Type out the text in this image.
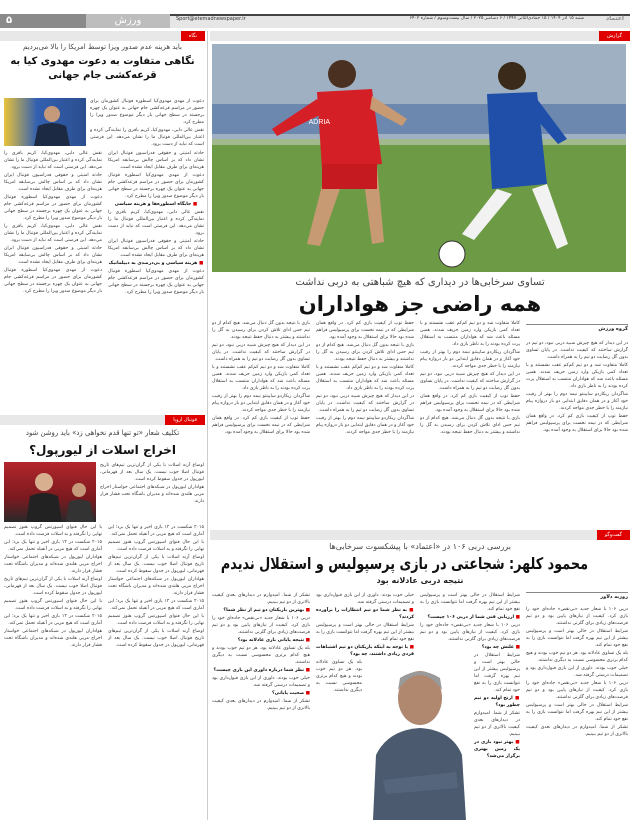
۵	ورزش	Sport@etemadnewspaper.ir	شنبه ۱۵ آذر ۱۴۰۴ / ۱۵ جمادی‌الثانی ۱۴۴۷ / ۶ دسامبر ۲۰۲۵ / سال بیست‌وسوم / شماره ۶۴۰۲	اعتماد
گزارش
ADRIA
تساوی سرخابی‌ها در دیداری که هیچ شباهتی به دربی نداشت
همه راضی جز هواداران

بازی با نتیجه بدون گل دنبال می‌شد. هیچ کدام از دو تیم حس ادای تلاش کردن برای رسیدن به گل را نداشتند و بیشتر به دنبال حفظ نتیجه بودند.

در این دیدار که هیچ چیزش شبیه دربی نبود، دو تیم در گزارش ساختند که کیفیت نداشت. در پایان تساوی بدون گل رضایت دو تیم را به همراه داشت.

کاملا متفاوت شد و دو تیم کم‌کم عقب نشستند و با تعداد کمی بازیکن وارد زمین حریف شدند. همین مسئله باعث شد که هواداران منتسب به استقلال پرت کرده بودند را به ناظر بازی داد.

شاگردان ریکاردو ساپینتو نیمه دوم را بهتر از رقیب خود آغاز و در همان دقایق ابتدایی دو بار دروازه پیام نیازمند را با خطر جدی مواجه کردند.

حفظ توپ از کیفیت بازی کم کرد. در واقع همان شرایطی که در نیمه نخست برای پرسپولیس فراهم شده بود حالا برای استقلال به وجود آمده بود.

حفظ توپ از کیفیت بازی کم کرد. در واقع همان شرایطی که در نیمه نخست برای پرسپولیس فراهم شده بود حالا برای استقلال به وجود آمده بود.

بازی با نتیجه بدون گل دنبال می‌شد. هیچ کدام از دو تیم حس ادای تلاش کردن برای رسیدن به گل را نداشتند و بیشتر به دنبال حفظ نتیجه بودند.

کاملا متفاوت شد و دو تیم کم‌کم عقب نشستند و با تعداد کمی بازیکن وارد زمین حریف شدند. همین مسئله باعث شد که هواداران منتسب به استقلال پرت کرده بودند را به ناظر بازی داد.

در این دیدار که هیچ چیزش شبیه دربی نبود، دو تیم در گزارش ساختند که کیفیت نداشت. در پایان تساوی بدون گل رضایت دو تیم را به همراه داشت.

شاگردان ریکاردو ساپینتو نیمه دوم را بهتر از رقیب خود آغاز و در همان دقایق ابتدایی دو بار دروازه پیام نیازمند را با خطر جدی مواجه کردند.

کاملا متفاوت شد و دو تیم کم‌کم عقب نشستند و با تعداد کمی بازیکن وارد زمین حریف شدند. همین مسئله باعث شد که هواداران منتسب به استقلال پرت کرده بودند را به ناظر بازی داد.

شاگردان ریکاردو ساپینتو نیمه دوم را بهتر از رقیب خود آغاز و در همان دقایق ابتدایی دو بار دروازه پیام نیازمند را با خطر جدی مواجه کردند.

در این دیدار که هیچ چیزش شبیه دربی نبود، دو تیم در گزارش ساختند که کیفیت نداشت. در پایان تساوی بدون گل رضایت دو تیم را به همراه داشت.

حفظ توپ از کیفیت بازی کم کرد. در واقع همان شرایطی که در نیمه نخست برای پرسپولیس فراهم شده بود حالا برای استقلال به وجود آمده بود.

بازی با نتیجه بدون گل دنبال می‌شد. هیچ کدام از دو تیم حس ادای تلاش کردن برای رسیدن به گل را نداشتند و بیشتر به دنبال حفظ نتیجه بودند.

گروه ورزش

در این دیدار که هیچ چیزش شبیه دربی نبود، دو تیم در گزارش ساختند که کیفیت نداشت. در پایان تساوی بدون گل رضایت دو تیم را به همراه داشت.

کاملا متفاوت شد و دو تیم کم‌کم عقب نشستند و با تعداد کمی بازیکن وارد زمین حریف شدند. همین مسئله باعث شد که هواداران منتسب به استقلال پرت کرده بودند را به ناظر بازی داد.

شاگردان ریکاردو ساپینتو نیمه دوم را بهتر از رقیب خود آغاز و در همان دقایق ابتدایی دو بار دروازه پیام نیازمند را با خطر جدی مواجه کردند.

حفظ توپ از کیفیت بازی کم کرد. در واقع همان شرایطی که در نیمه نخست برای پرسپولیس فراهم شده بود حالا برای استقلال به وجود آمده بود.

گفت‌وگو
بررسی دربی ۱۰۶ در «اعتماد» با پیشکسوت سرخابی‌ها
محمود کلهر: شجاعتی در بازی پرسپولیس و استقلال ندیدم
نتیجه دربی عادلانه بود
روزبه دلاور

دربی ۱۰۶ با شعار جدید «بی‌نقص» جاده‌ای خود را بازی کرد. کیفیت از نیازهای پایین بود و دو تیم فرصت‌های زیادی برای گلزنی نداشتند.

شرایط استقلال در حالی بهتر است و پرسپولیس بیشتر از این تیم بهره گرفت اما نتوانست بازی را به نفع خود تمام کند.

بله یک تساوی عادلانه بود. هر دو تیم خوب بودند و هیچ کدام برتری محسوسی نسبت به دیگری نداشتند.

خیلی خوب بودند. داوری از این بازی قبول‌داری بود و تصمیمات درستی گرفته شد.

دربی ۱۰۶ با شعار جدید «بی‌نقص» جاده‌ای خود را بازی کرد. کیفیت از نیازهای پایین بود و دو تیم فرصت‌های زیادی برای گلزنی نداشتند.

شرایط استقلال در حالی بهتر است و پرسپولیس بیشتر از این تیم بهره گرفت اما نتوانست بازی را به نفع خود تمام کند.

تشکر از شما. امیدوارم در دیدارهای بعدی کیفیت بالاتری از دو تیم ببینیم.

شرایط استقلال در حالی بهتر است و پرسپولیس بیشتر از این تیم بهره گرفت اما نتوانست بازی را به نفع خود تمام کند.

■ ارزیابی فنی شما از دربی ۱۰۶ چیست؟

دربی ۱۰۶ با شعار جدید «بی‌نقص» جاده‌ای خود را بازی کرد. کیفیت از نیازهای پایین بود و دو تیم فرصت‌های زیادی برای گلزنی نداشتند.

■ علتش چه بود؟

شرایط استقلال در حالی بهتر است و پرسپولیس بیشتر از این تیم بهره گرفت اما نتوانست بازی را به نفع خود تمام کند.

■ ارنج اولیه دو تیم چطور بود؟

تشکر از شما. امیدوارم در دیدارهای بعدی کیفیت بالاتری از دو تیم ببینیم.

■ بهتر نبود بازی در یک زمین بهتری برگزار می‌شد؟

خیلی خوب بودند. داوری از این بازی قبول‌داری بود و تصمیمات درستی گرفته شد.

■ به نظر شما دو تیم انتظارات را برآورده کردند؟

شرایط استقلال در حالی بهتر است و پرسپولیس بیشتر از این تیم بهره گرفت اما نتوانست بازی را به نفع خود تمام کند.

■ با توجه به اینکه بازیکنان دو تیم اشتباهات فردی زیادی داشتند، چه بود؟

بله یک تساوی عادلانه بود. هر دو تیم خوب بودند و هیچ کدام برتری محسوسی نسبت به دیگری نداشتند.

تشکر از شما. امیدوارم در دیدارهای بعدی کیفیت بالاتری از دو تیم ببینیم.

■ بهترین بازیکنان دو تیم از نظر شما؟

دربی ۱۰۶ با شعار جدید «بی‌نقص» جاده‌ای خود را بازی کرد. کیفیت از نیازهای پایین بود و دو تیم فرصت‌های زیادی برای گلزنی نداشتند.

■ نتیجه پایانی بازی عادلانه بود؟

بله یک تساوی عادلانه بود. هر دو تیم خوب بودند و هیچ کدام برتری محسوسی نسبت به دیگری نداشتند.

■ نظر شما درباره داوری این بازی چیست؟

خیلی خوب بودند. داوری از این بازی قبول‌داری بود و تصمیمات درستی گرفته شد.

■ صحبت پایانی؟

تشکر از شما. امیدوارم در دیدارهای بعدی کیفیت بالاتری از دو تیم ببینیم.

نگاه
باید هزینه عدم صدور ویزا توسط امریکا را بالا می‌بردیم
نگاهی متفاوت به دعوت مهدوی کیا به قرعه‌کشی جام جهانی

دعوت از مهدی مهدوی‌کیا اسطوره فوتبال کشورمان برای حضور در مراسم قرعه‌کشی جام جهانی به عنوان یک چهره برجسته در سطح جهانی بار دیگر موضوع صدور ویزا را مطرح کرد.

نقش عالی دایی، مهدوی‌کیا، کریم باقری را نمایندگی کرده و اعتبار بین‌المللی فوتبال ما را نشان می‌دهد. این فرصتی است که نباید از دست برود.

حادثه امنیتی و حقوقی فدراسیون فوتبال ایران نشان داد که بر اساس چالش بی‌سابقه امریکا هزینه‌ای برای طرف مقابل ایجاد نشده است.

دعوت از مهدی مهدوی‌کیا اسطوره فوتبال کشورمان برای حضور در مراسم قرعه‌کشی جام جهانی به عنوان یک چهره برجسته در سطح جهانی بار دیگر موضوع صدور ویزا را مطرح کرد.

■ جایگاه اسطوره‌ها و هزینه سیاسی

نقش عالی دایی، مهدوی‌کیا، کریم باقری را نمایندگی کرده و اعتبار بین‌المللی فوتبال ما را نشان می‌دهد. این فرصتی است که نباید از دست برود.

حادثه امنیتی و حقوقی فدراسیون فوتبال ایران نشان داد که بر اساس چالش بی‌سابقه امریکا هزینه‌ای برای طرف مقابل ایجاد نشده است.

■ هزینه سیاسی و بی‌درصدی به دیپلماتیک

دعوت از مهدی مهدوی‌کیا اسطوره فوتبال کشورمان برای حضور در مراسم قرعه‌کشی جام جهانی به عنوان یک چهره برجسته در سطح جهانی بار دیگر موضوع صدور ویزا را مطرح کرد.

نقش عالی دایی، مهدوی‌کیا، کریم باقری را نمایندگی کرده و اعتبار بین‌المللی فوتبال ما را نشان می‌دهد. این فرصتی است که نباید از دست برود.

حادثه امنیتی و حقوقی فدراسیون فوتبال ایران نشان داد که بر اساس چالش بی‌سابقه امریکا هزینه‌ای برای طرف مقابل ایجاد نشده است.

دعوت از مهدی مهدوی‌کیا اسطوره فوتبال کشورمان برای حضور در مراسم قرعه‌کشی جام جهانی به عنوان یک چهره برجسته در سطح جهانی بار دیگر موضوع صدور ویزا را مطرح کرد.

نقش عالی دایی، مهدوی‌کیا، کریم باقری را نمایندگی کرده و اعتبار بین‌المللی فوتبال ما را نشان می‌دهد. این فرصتی است که نباید از دست برود.

حادثه امنیتی و حقوقی فدراسیون فوتبال ایران نشان داد که بر اساس چالش بی‌سابقه امریکا هزینه‌ای برای طرف مقابل ایجاد نشده است.

دعوت از مهدی مهدوی‌کیا اسطوره فوتبال کشورمان برای حضور در مراسم قرعه‌کشی جام جهانی به عنوان یک چهره برجسته در سطح جهانی بار دیگر موضوع صدور ویزا را مطرح کرد.

فوتبال اروپا
تکلیف شعار «تو تنها قدم نخواهی زد» باید روشن شود
اخراج اسلات از لیورپول؟

اوضاع آرنه اسلات با یکی از گران‌ترین تیم‌های تاریخ فوتبال اصلا خوب نیست. یک سال بعد از قهرمانی، لیورپول در جدول سقوط کرده است.

هواداران لیورپول در شبکه‌های اجتماعی خواستار اخراج مربی هلندی شده‌اند و مدیران باشگاه تحت فشار قرار دارند.

۲۰۱۵ شکست در ۱۲ بازی اخیر و تنها یک برد؛ این آماری است که هیچ مربی در آنفیلد تحمل نمی‌کند.

با این حال فنواى اسپورتس گروپ هنوز تصمیم نهایی را نگرفته و به اسلات فرصت داده است.

اوضاع آرنه اسلات با یکی از گران‌ترین تیم‌های تاریخ فوتبال اصلا خوب نیست. یک سال بعد از قهرمانی، لیورپول در جدول سقوط کرده است.

هواداران لیورپول در شبکه‌های اجتماعی خواستار اخراج مربی هلندی شده‌اند و مدیران باشگاه تحت فشار قرار دارند.

۲۰۱۵ شکست در ۱۲ بازی اخیر و تنها یک برد؛ این آماری است که هیچ مربی در آنفیلد تحمل نمی‌کند.

با این حال فنواى اسپورتس گروپ هنوز تصمیم نهایی را نگرفته و به اسلات فرصت داده است.

اوضاع آرنه اسلات با یکی از گران‌ترین تیم‌های تاریخ فوتبال اصلا خوب نیست. یک سال بعد از قهرمانی، لیورپول در جدول سقوط کرده است.

با این حال فنواى اسپورتس گروپ هنوز تصمیم نهایی را نگرفته و به اسلات فرصت داده است.

۲۰۱۵ شکست در ۱۲ بازی اخیر و تنها یک برد؛ این آماری است که هیچ مربی در آنفیلد تحمل نمی‌کند.

هواداران لیورپول در شبکه‌های اجتماعی خواستار اخراج مربی هلندی شده‌اند و مدیران باشگاه تحت فشار قرار دارند.

اوضاع آرنه اسلات با یکی از گران‌ترین تیم‌های تاریخ فوتبال اصلا خوب نیست. یک سال بعد از قهرمانی، لیورپول در جدول سقوط کرده است.

با این حال فنواى اسپورتس گروپ هنوز تصمیم نهایی را نگرفته و به اسلات فرصت داده است.

۲۰۱۵ شکست در ۱۲ بازی اخیر و تنها یک برد؛ این آماری است که هیچ مربی در آنفیلد تحمل نمی‌کند.

هواداران لیورپول در شبکه‌های اجتماعی خواستار اخراج مربی هلندی شده‌اند و مدیران باشگاه تحت فشار قرار دارند.
